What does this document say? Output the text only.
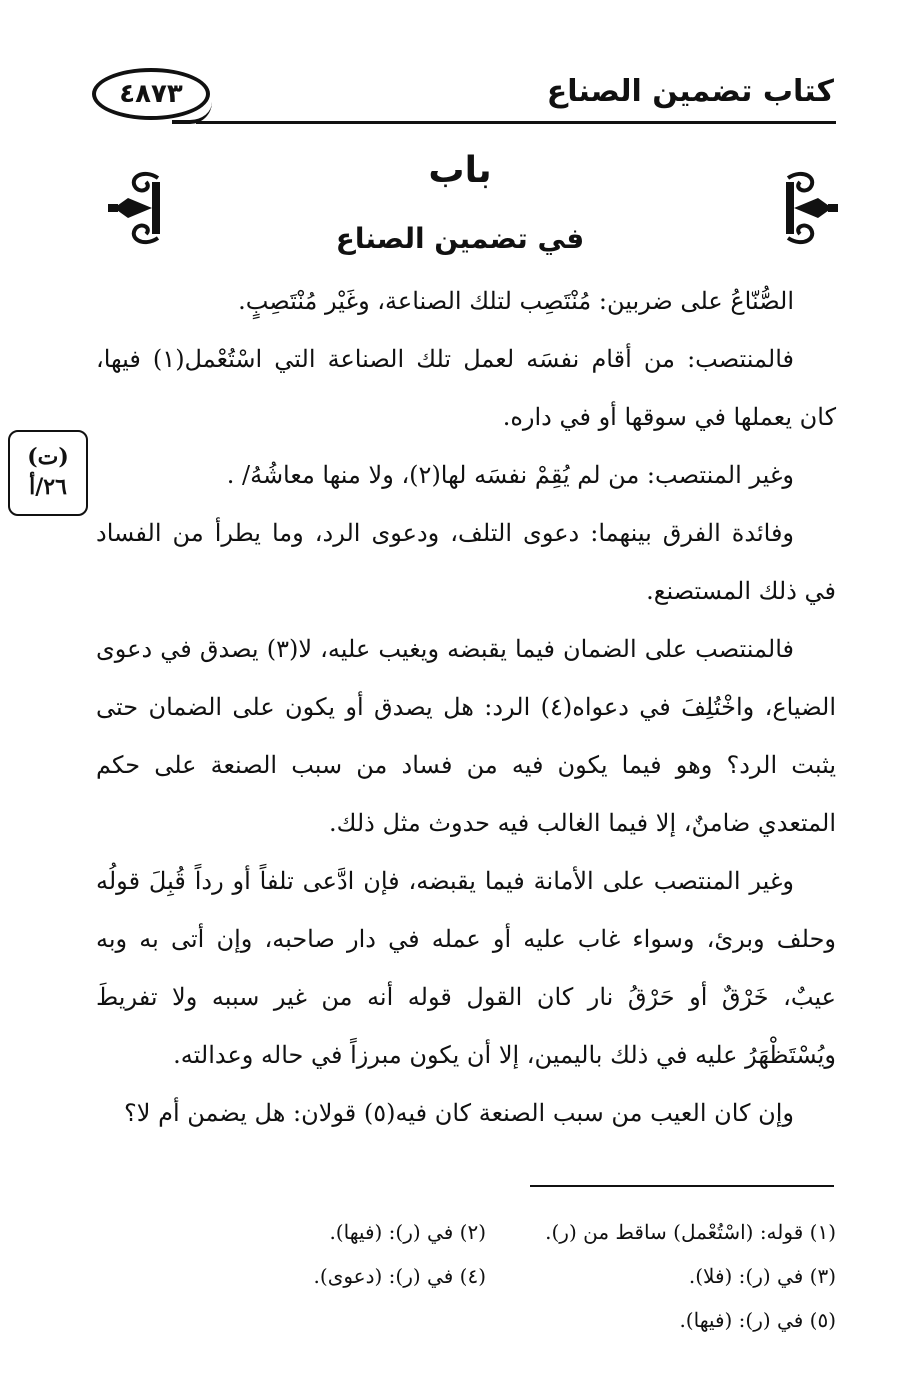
٤٨٧٣	كتاب تضمين الصناع
باب
في تضمين الصناع
(ت)
٢٦/أ

الصُّنّاعُ على ضربين: مُنْتَصِب لتلك الصناعة، وغَيْر مُنْتَصِبٍ.

فالمنتصب: من أقام نفسَه لعمل تلك الصناعة التي اسْتُعْمل(١) فيها، كان يعملها في سوقها أو في داره.

وغير المنتصب: من لم يُقِمْ نفسَه لها(٢)، ولا منها معاشُهُ/ .

وفائدة الفرق بينهما: دعوى التلف، ودعوى الرد، وما يطرأ من الفساد في ذلك المستصنع.

فالمنتصب على الضمان فيما يقبضه ويغيب عليه، لا(٣) يصدق في دعوى الضياع، واخْتُلِفَ في دعواه(٤) الرد: هل يصدق أو يكون على الضمان حتى يثبت الرد؟ وهو فيما يكون فيه من فساد من سبب الصنعة على حكم المتعدي ضامنٌ، إلا فيما الغالب فيه حدوث مثل ذلك.

وغير المنتصب على الأمانة فيما يقبضه، فإن ادَّعى تلفاً أو رداً قُبِلَ قولُه وحلف وبرئ، وسواء غاب عليه أو عمله في دار صاحبه، وإن أتى به وبه عيبٌ، خَرْقٌ أو حَرْقُ نار كان القول قوله أنه من غير سببه ولا تفريطَ ويُسْتَظْهَرُ عليه في ذلك باليمين، إلا أن يكون مبرزاً في حاله وعدالته.

وإن كان العيب من سبب الصنعة كان فيه(٥) قولان: هل يضمن أم لا؟

(١) قوله: (اسْتُعْمل) ساقط من (ر).
(٢) في (ر): (فيها).
(٣) في (ر): (فلا).
(٤) في (ر): (دعوى).
(٥) في (ر): (فيها).
